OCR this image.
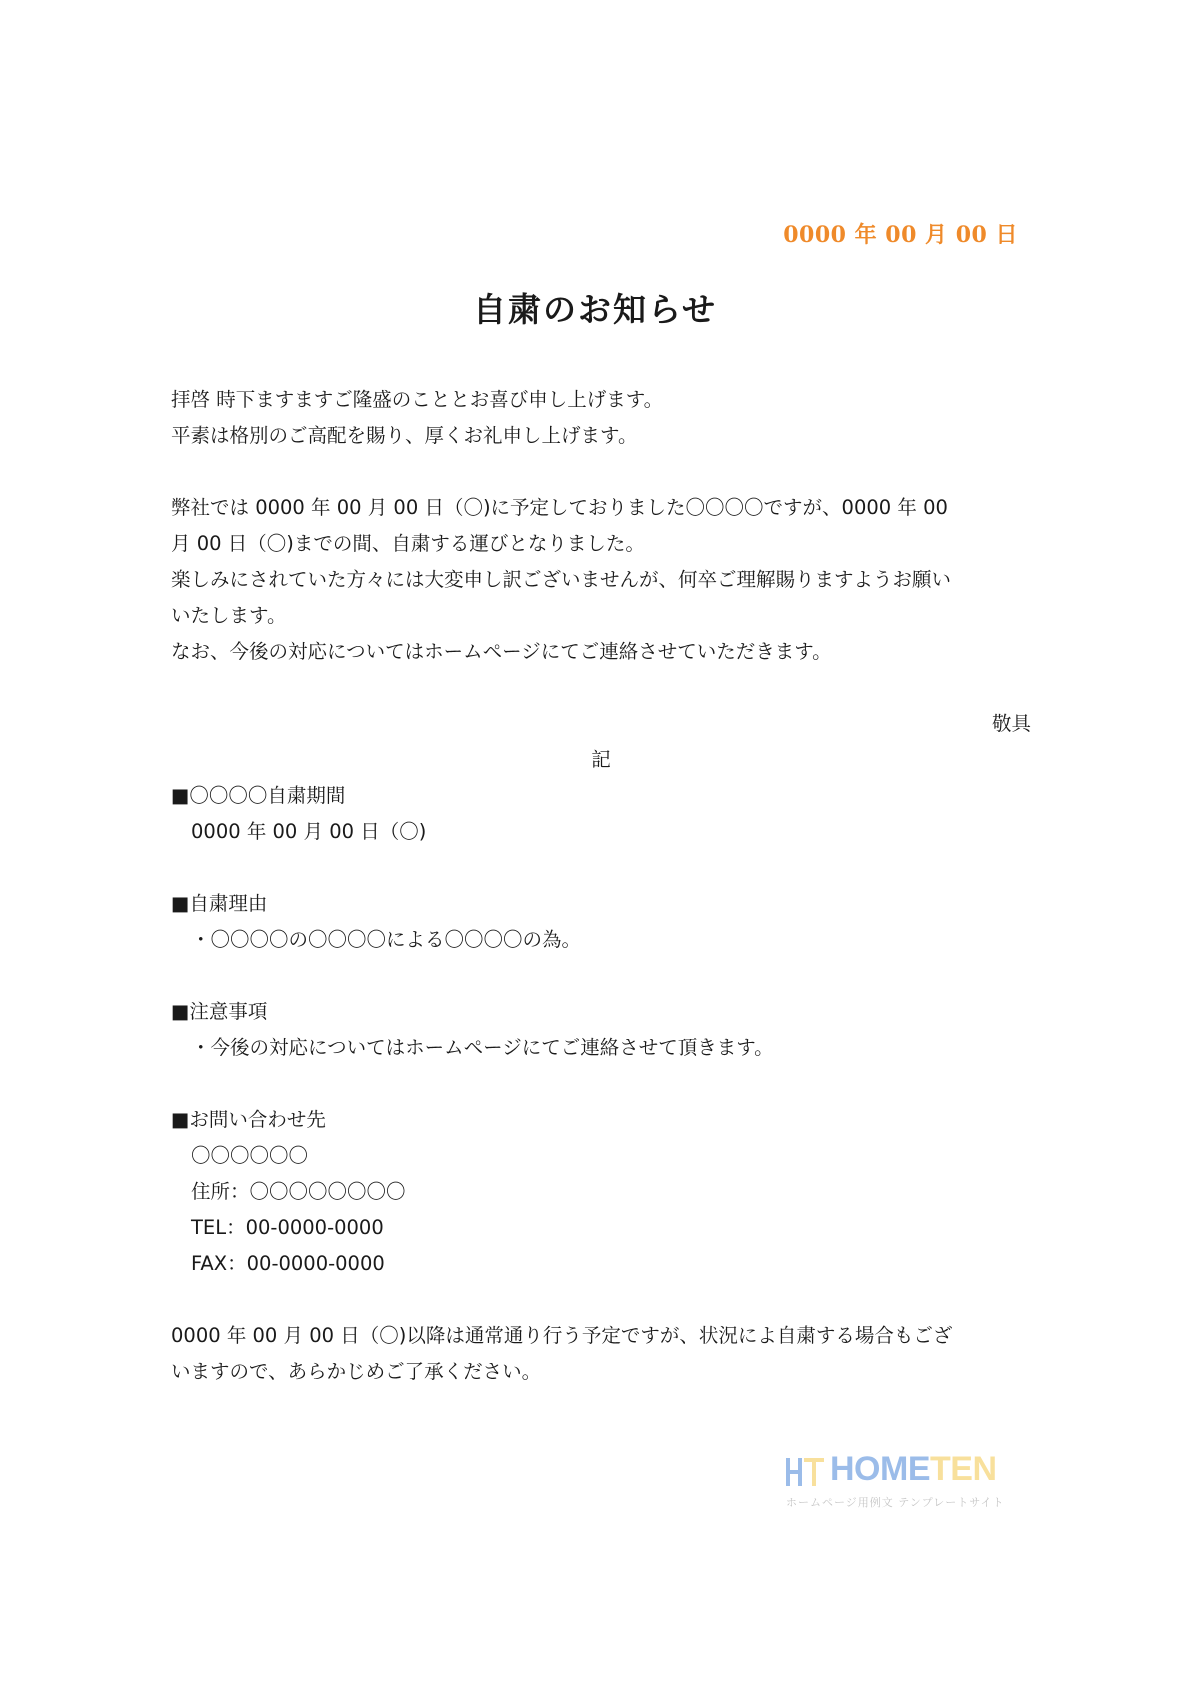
0000 年 00 月 00 日
自粛のお知らせ

拝啓 時下ますますご隆盛のこととお喜び申し上げます。

平素は格別のご高配を賜り、厚くお礼申し上げます。

弊社では 0000 年 00 月 00 日（〇)に予定しておりました〇〇〇〇ですが、0000 年 00

月 00 日（〇)までの間、自粛する運びとなりました。

楽しみにされていた方々には大変申し訳ございませんが、何卒ご理解賜りますようお願い

いたします。

なお、今後の対応についてはホームページにてご連絡させていただきます。

敬具

記

■〇〇〇〇自粛期間

0000 年 00 月 00 日（〇)

■自粛理由

・〇〇〇〇の〇〇〇〇による〇〇〇〇の為。

■注意事項

・今後の対応についてはホームページにてご連絡させて頂きます。

■お問い合わせ先

〇〇〇〇〇〇

住所：〇〇〇〇〇〇〇〇

TEL：00-0000-0000

FAX：00-0000-0000

0000 年 00 月 00 日（〇)以降は通常通り行う予定ですが、状況によ自粛する場合もござ

いますので、あらかじめご了承ください。

HOMETEN
ホームページ用例文 テンプレートサイト
